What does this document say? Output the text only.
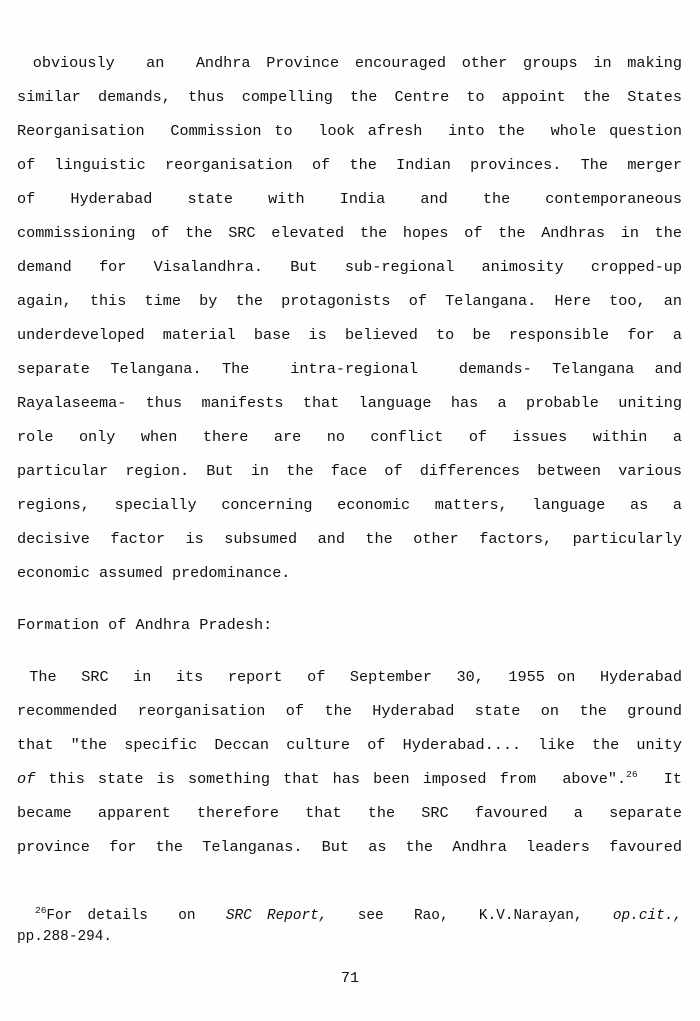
obviously  an  Andhra Province encouraged other groups in making
similar demands, thus compelling the Centre to appoint the States
Reorganisation  Commission to  look afresh  into the  whole question
of linguistic reorganisation of the Indian provinces. The merger
of  Hyderabad  state  with  India  and  the  contemporaneous
commissioning of the SRC elevated the hopes of the Andhras in the
demand for Visalandhra. But sub-regional animosity cropped-up
again, this time by the protagonists of Telangana. Here too, an
underdeveloped material base is believed to be responsible for a
separate Telangana. The  intra-regional  demands- Telangana and
Rayalaseema- thus manifests that language has a probable uniting
role only when there are no conflict of issues within a
particular region. But in the face of differences between various
regions, specially concerning economic matters, language as a
decisive factor is subsumed and the other factors, particularly
economic assumed predominance.
Formation of Andhra Pradesh:
The  SRC  in  its  report  of  September  30,  1955 on  Hyderabad
recommended reorganisation of the Hyderabad state on the ground
that "the specific Deccan culture of Hyderabad.... like the unity
of this state is something that has been imposed from  above".$^{26}$  It
became apparent therefore that the SRC favoured a separate
province for the Telanganas. But as the Andhra leaders favoured
$^{26}$For details  on  SRC Report,  see  Rao,  K.V.Narayan,  op.cit.,
pp.288-294.
71
